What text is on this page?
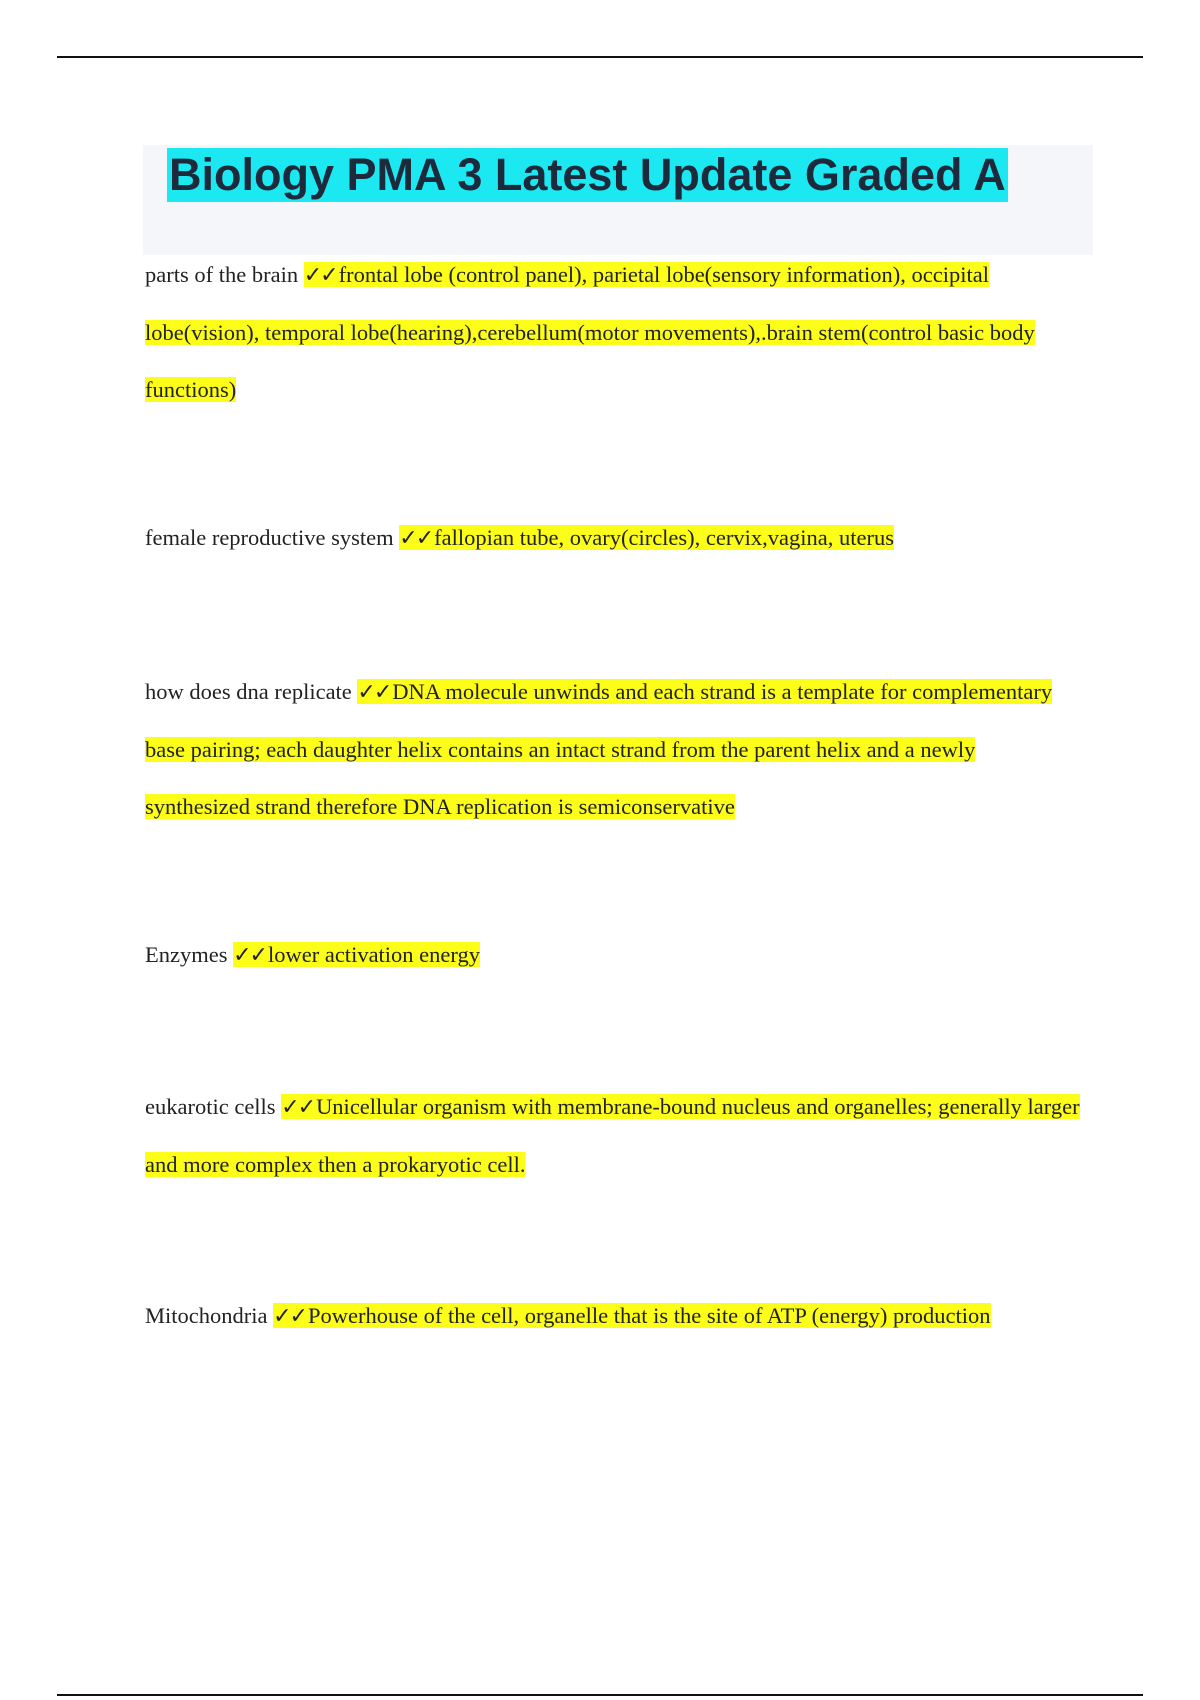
Biology PMA 3 Latest Update Graded A

parts of the brain ✓✓frontal lobe (control panel), parietal lobe(sensory information), occipital lobe(vision), temporal lobe(hearing),cerebellum(motor movements),.brain stem(control basic body functions)

female reproductive system ✓✓fallopian tube, ovary(circles), cervix,vagina, uterus

how does dna replicate ✓✓DNA molecule unwinds and each strand is a template for complementary base pairing; each daughter helix contains an intact strand from the parent helix and a newly synthesized strand therefore DNA replication is semiconservative

Enzymes ✓✓lower activation energy

eukarotic cells ✓✓Unicellular organism with membrane-bound nucleus and organelles; generally larger and more complex then a prokaryotic cell.

Mitochondria ✓✓Powerhouse of the cell, organelle that is the site of ATP (energy) production
